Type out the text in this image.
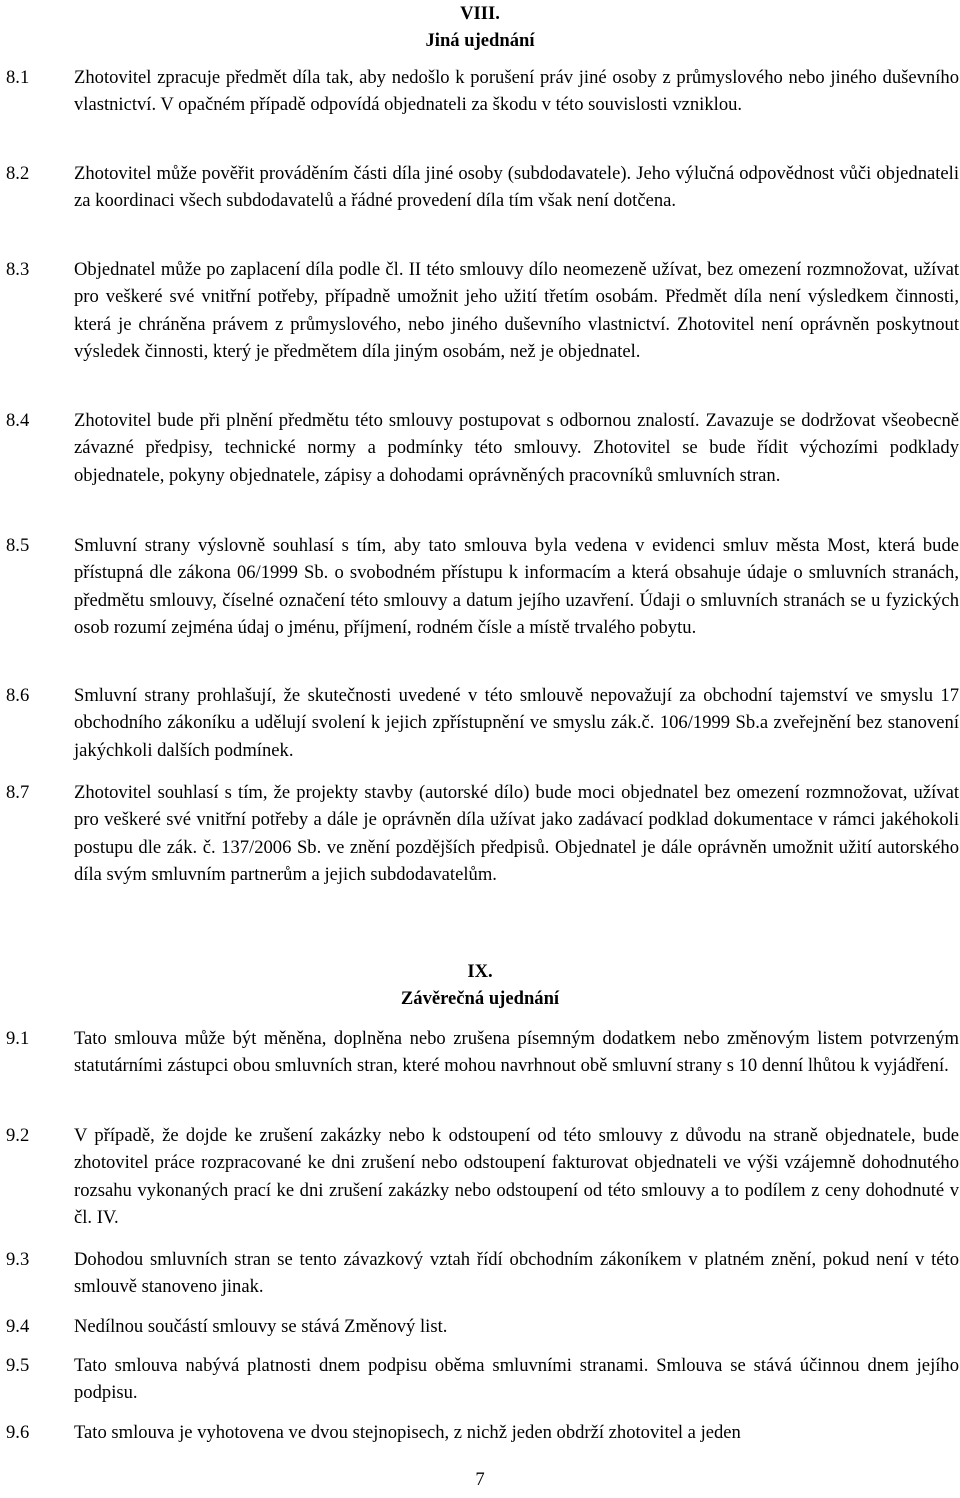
VIII.
Jiná ujednání
8.1 Zhotovitel zpracuje předmět díla tak, aby nedošlo k porušení práv jiné osoby z průmyslového nebo jiného duševního vlastnictví. V opačném případě odpovídá objednateli za škodu v této souvislosti vzniklou.
8.2 Zhotovitel může pověřit prováděním části díla jiné osoby (subdodavatele). Jeho výlučná odpovědnost vůči objednateli za koordinaci všech subdodavatelů a řádné provedení díla tím však není dotčena.
8.3 Objednatel může po zaplacení díla podle čl. II této smlouvy dílo neomezeně užívat, bez omezení rozmnožovat, užívat pro veškeré své vnitřní potřeby, případně umožnit jeho užití třetím osobám. Předmět díla není výsledkem činnosti, která je chráněna právem z průmyslového, nebo jiného duševního vlastnictví. Zhotovitel není oprávněn poskytnout výsledek činnosti, který je předmětem díla jiným osobám, než je objednatel.
8.4 Zhotovitel bude při plnění předmětu této smlouvy postupovat s odbornou znalostí. Zavazuje se dodržovat všeobecně závazné předpisy, technické normy a podmínky této smlouvy. Zhotovitel se bude řídit výchozími podklady objednatele, pokyny objednatele, zápisy a dohodami oprávněných pracovníků smluvních stran.
8.5 Smluvní strany výslovně souhlasí s tím, aby tato smlouva byla vedena v evidenci smluv města Most, která bude přístupná dle zákona 06/1999 Sb. o svobodném přístupu k informacím a která obsahuje údaje o smluvních stranách, předmětu smlouvy, číselné označení této smlouvy a datum jejího uzavření. Údaji o smluvních stranách se u fyzických osob rozumí zejména údaj o jménu, příjmení, rodném čísle a místě trvalého pobytu.
8.6 Smluvní strany prohlašují, že skutečnosti uvedené v této smlouvě nepovažují za obchodní tajemství ve smyslu 17 obchodního zákoníku a udělují svolení k jejich zpřístupnění ve smyslu zák.č. 106/1999 Sb.a zveřejnění bez stanovení jakýchkoli dalších podmínek.
8.7 Zhotovitel souhlasí s tím, že projekty stavby (autorské dílo) bude moci objednatel bez omezení rozmnožovat, užívat pro veškeré své vnitřní potřeby a dále je oprávněn díla užívat jako zadávací podklad dokumentace v rámci jakéhokoli postupu dle zák. č. 137/2006 Sb. ve znění pozdějších předpisů. Objednatel je dále oprávněn umožnit užití autorského díla svým smluvním partnerům a jejich subdodavatelům.
IX.
Závěrečná ujednání
9.1 Tato smlouva může být měněna, doplněna nebo zrušena písemným dodatkem nebo změnovým listem potvrzeným statutárními zástupci obou smluvních stran, které mohou navrhnout obě smluvní strany s 10 denní lhůtou k vyjádření.
9.2 V případě, že dojde ke zrušení zakázky nebo k odstoupení od této smlouvy z důvodu na straně objednatele, bude zhotovitel práce rozpracované ke dni zrušení nebo odstoupení fakturovat objednateli ve výši vzájemně dohodnutého rozsahu vykonaných prací ke dni zrušení zakázky nebo odstoupení od této smlouvy a to podílem z ceny dohodnuté v čl. IV.
9.3 Dohodou smluvních stran se tento závazkový vztah řídí obchodním zákoníkem v platném znění, pokud není v této smlouvě stanoveno jinak.
9.4 Nedílnou součástí smlouvy se stává Změnový list.
9.5 Tato smlouva nabývá platnosti dnem podpisu oběma smluvními stranami. Smlouva se stává účinnou dnem jejího podpisu.
9.6 Tato smlouva je vyhotovena ve dvou stejnopisech, z nichž jeden obdrží zhotovitel a jeden
7
